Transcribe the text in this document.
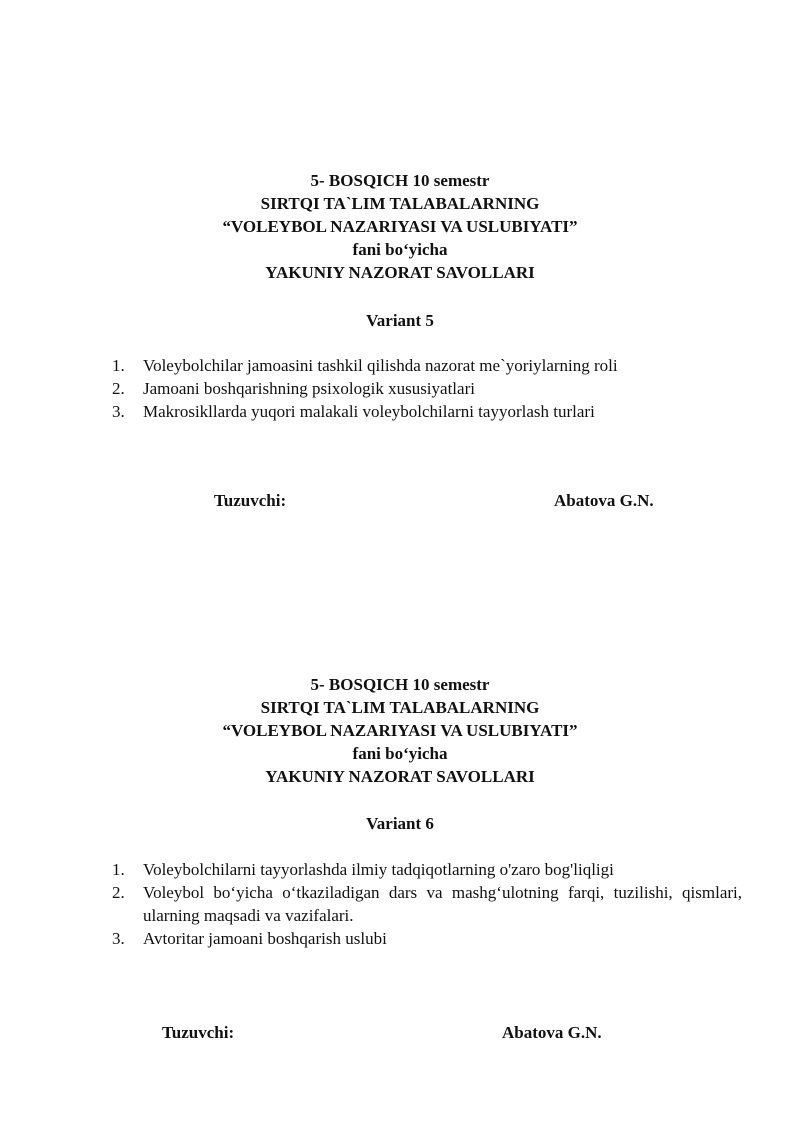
5- BOSQICH 10 semestr

SIRTQI TA`LIM TALABALARNING

“VOLEYBOL NAZARIYASI VA USLUBIYATI”

fani bo‘yicha

YAKUNIY NAZORAT SAVOLLARI

Variant 5
1. Voleybolchilar jamoasini tashkil qilishda nazorat me`yoriylarning roli
2. Jamoani boshqarishning psixologik xususiyatlari
3. Makrosikllarda yuqori malakali voleybolchilarni tayyorlash turlari
Tuzuvchi:	Abatova G.N.

5- BOSQICH 10 semestr

SIRTQI TA`LIM TALABALARNING

“VOLEYBOL NAZARIYASI VA USLUBIYATI”

fani bo‘yicha

YAKUNIY NAZORAT SAVOLLARI

Variant 6
1. Voleybolchilarni tayyorlashda ilmiy tadqiqotlarning o'zaro bog'liqligi
2. Voleybol bo‘yicha o‘tkaziladigan dars va mashg‘ulotning farqi, tuzilishi, qismlari, ularning maqsadi va vazifalari.
3. Avtoritar jamoani boshqarish uslubi
Tuzuvchi:	Abatova G.N.
